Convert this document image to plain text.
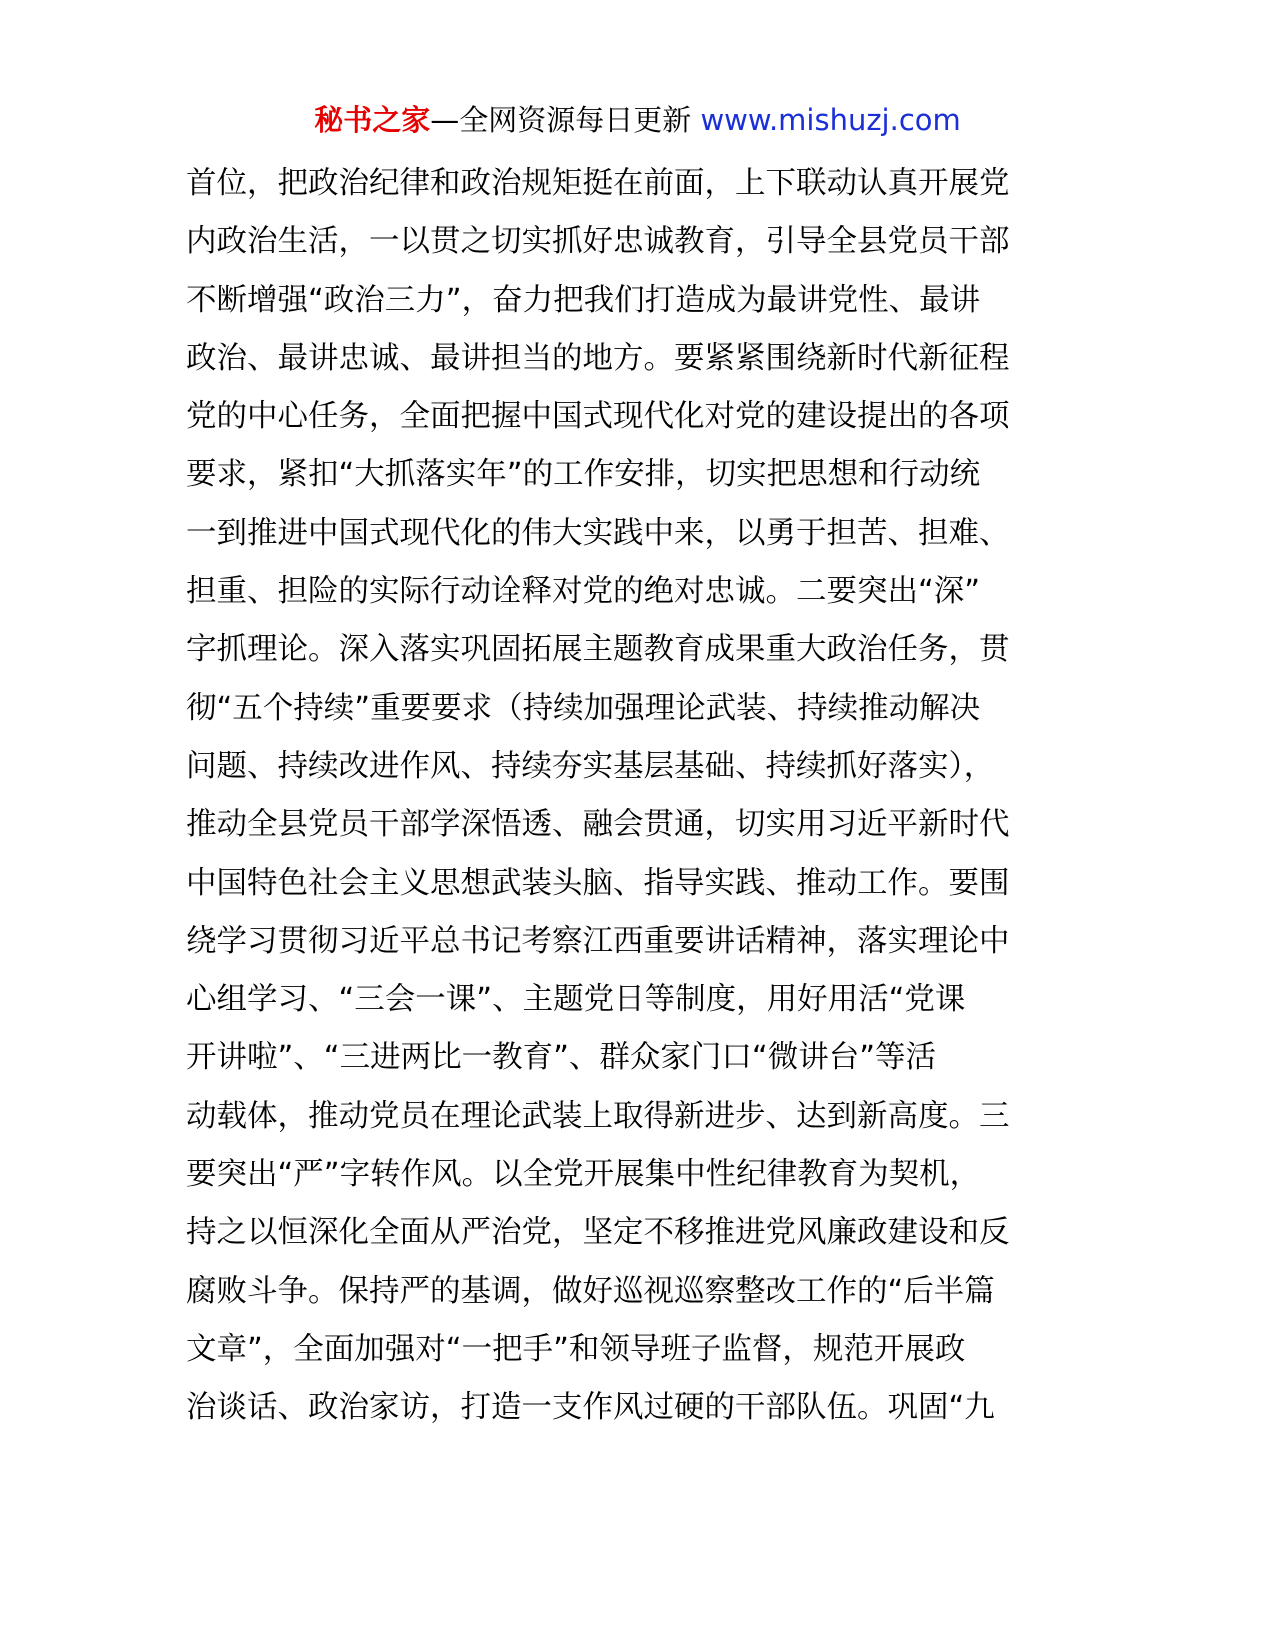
秘书之家—全网资源每日更新 www.mishuzj.com
首位，把政治纪律和政治规矩挺在前面，上下联动认真开展党
内政治生活，一以贯之切实抓好忠诚教育，引导全县党员干部
不断增强“政治三力”，奋力把我们打造成为最讲党性、最讲
政治、最讲忠诚、最讲担当的地方。要紧紧围绕新时代新征程
党的中心任务，全面把握中国式现代化对党的建设提出的各项
要求，紧扣“大抓落实年”的工作安排，切实把思想和行动统
一到推进中国式现代化的伟大实践中来，以勇于担苦、担难、
担重、担险的实际行动诠释对党的绝对忠诚。二要突出“深”
字抓理论。深入落实巩固拓展主题教育成果重大政治任务，贯
彻“五个持续”重要要求（持续加强理论武装、持续推动解决
问题、持续改进作风、持续夯实基层基础、持续抓好落实），
推动全县党员干部学深悟透、融会贯通，切实用习近平新时代
中国特色社会主义思想武装头脑、指导实践、推动工作。要围
绕学习贯彻习近平总书记考察江西重要讲话精神，落实理论中
心组学习、“三会一课”、主题党日等制度，用好用活“党课
开讲啦”、“三进两比一教育”、群众家门口“微讲台”等活
动载体，推动党员在理论武装上取得新进步、达到新高度。三
要突出“严”字转作风。以全党开展集中性纪律教育为契机，
持之以恒深化全面从严治党，坚定不移推进党风廉政建设和反
腐败斗争。保持严的基调，做好巡视巡察整改工作的“后半篇
文章”，全面加强对“一把手”和领导班子监督，规范开展政
治谈话、政治家访，打造一支作风过硬的干部队伍。巩固“九
